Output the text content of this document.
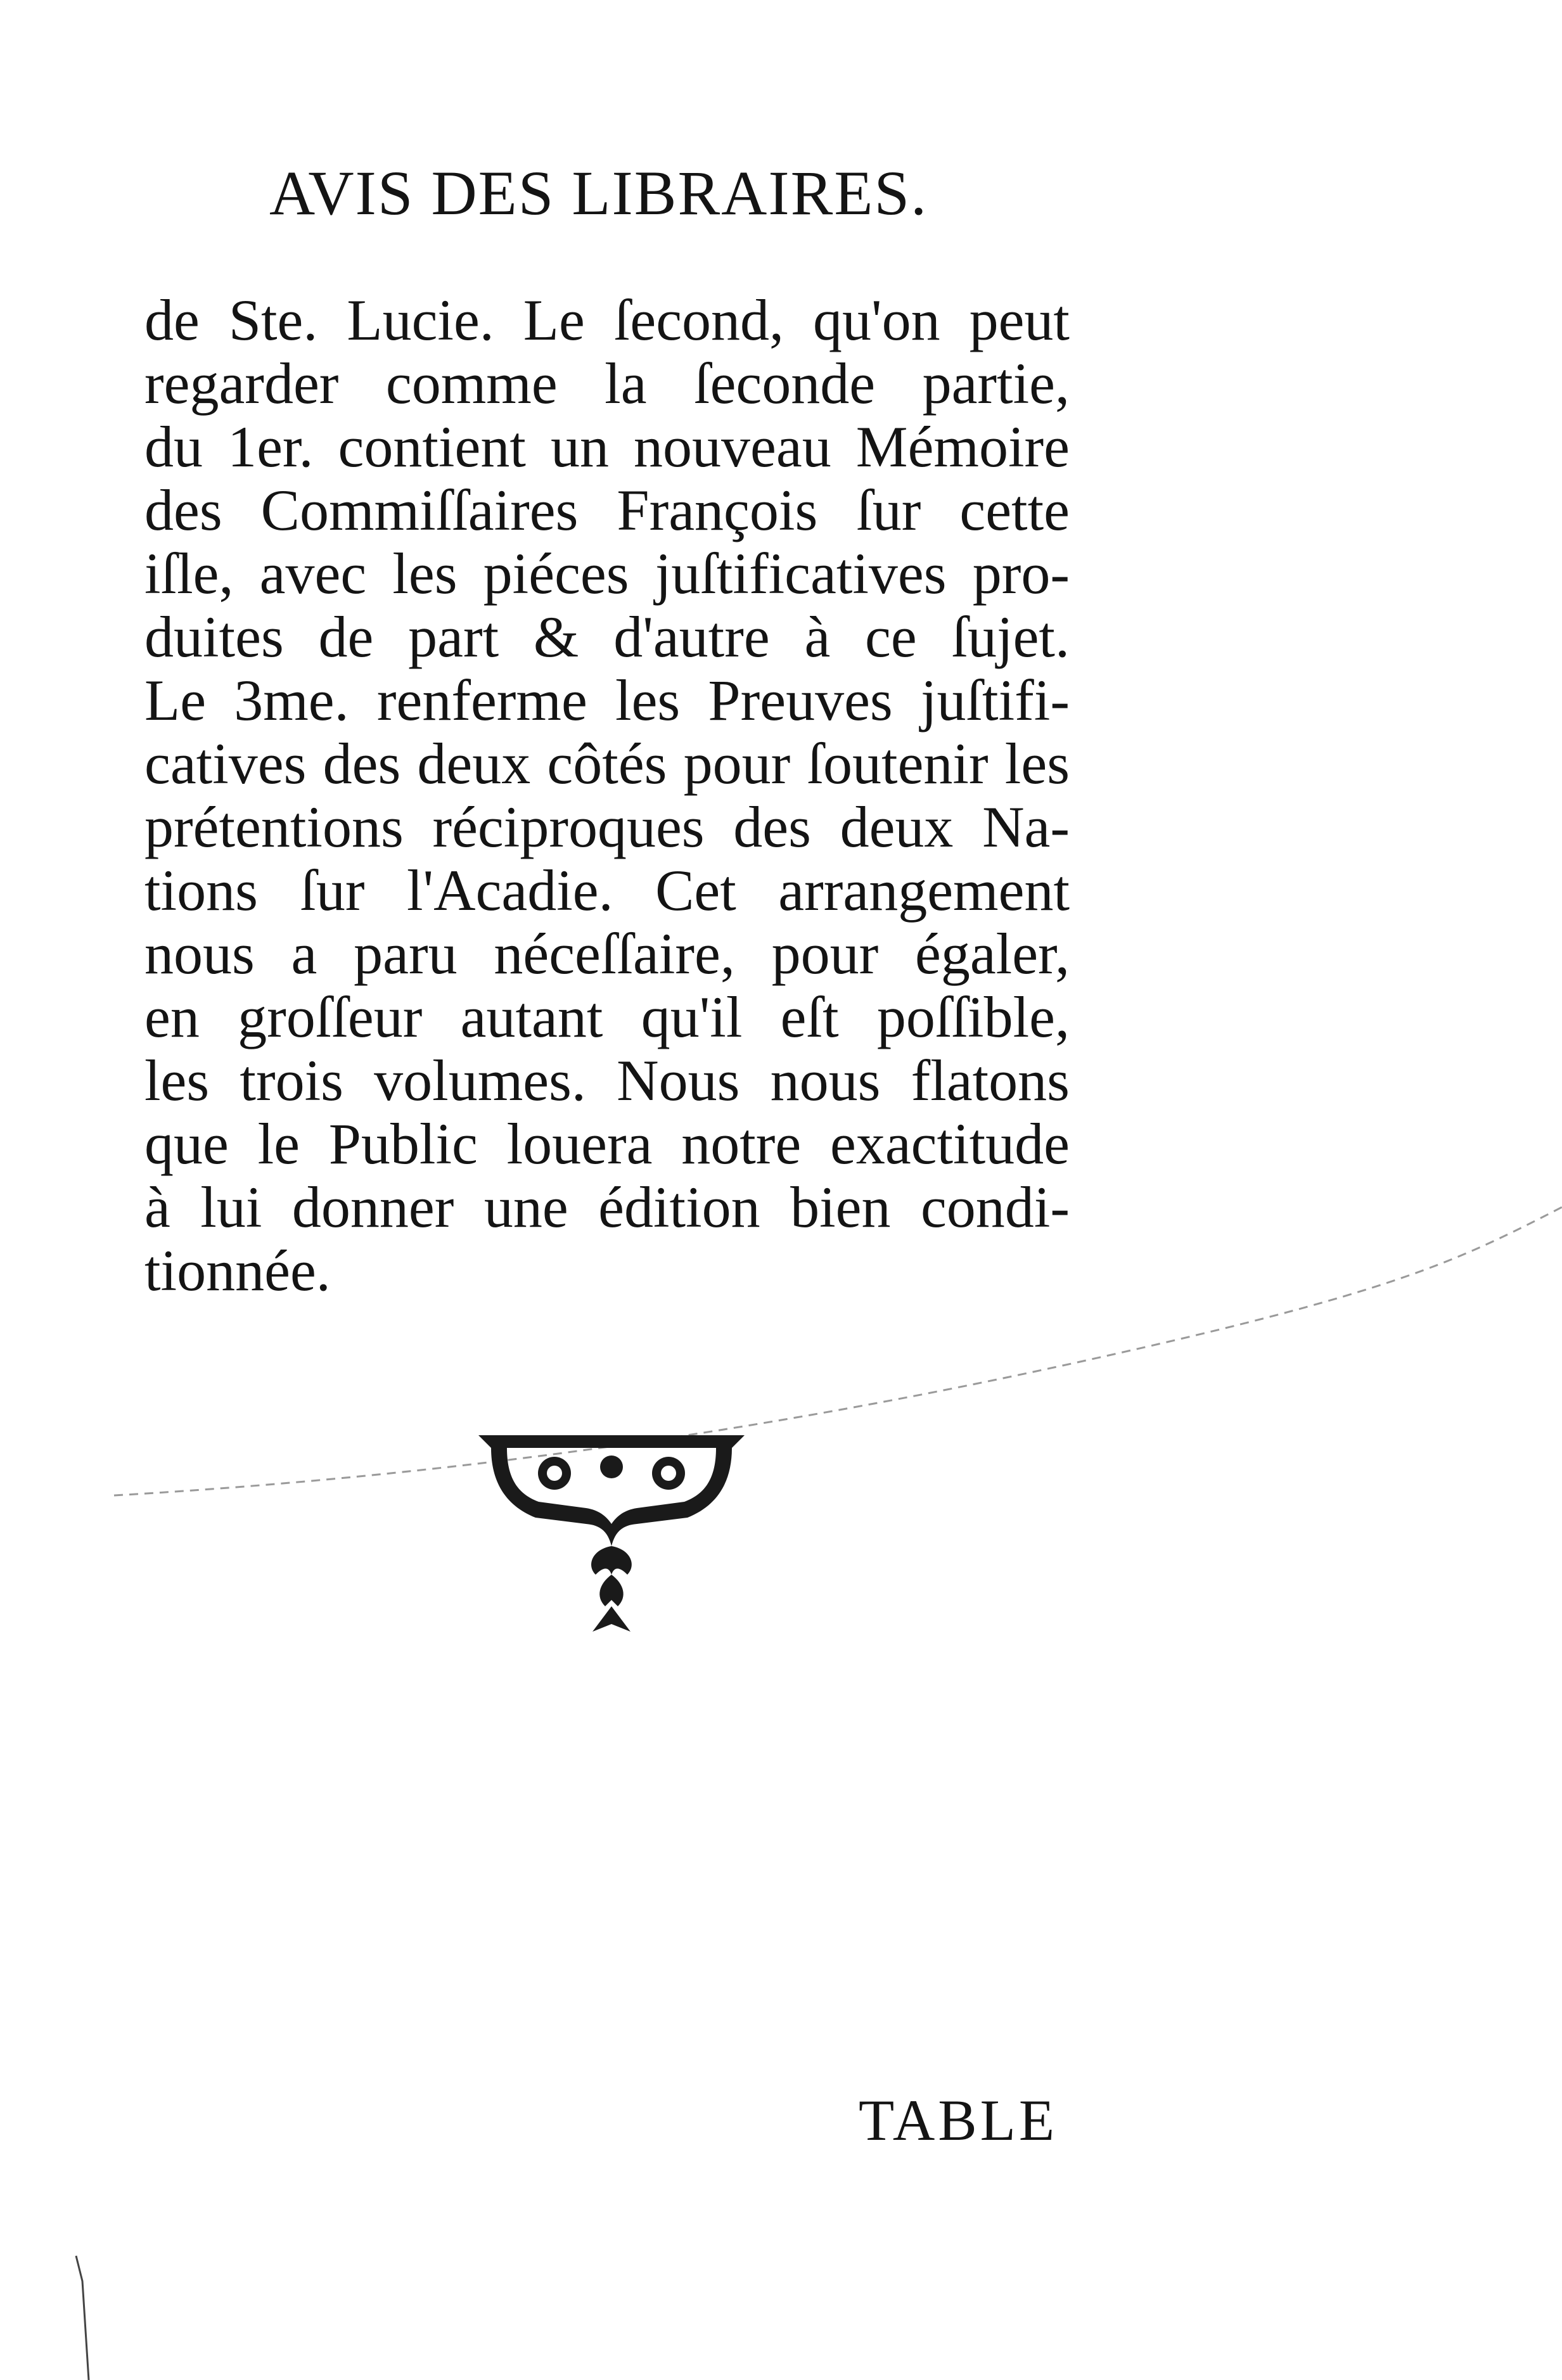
AVIS DES LIBRAIRES.
de Ste. Lucie. Le ſecond, qu'on peut
regarder comme la ſeconde partie,
du 1er. contient un nouveau Mémoire
des Commiſſaires François ſur cette
iſle, avec les piéces juſtificatives pro-
duites de part & d'autre à ce ſujet.
Le 3me. renferme les Preuves juſtifi-
catives des deux côtés pour ſoutenir les
prétentions réciproques des deux Na-
tions ſur l'Acadie. Cet arrangement
nous a paru néceſſaire, pour égaler,
en groſſeur autant qu'il eſt poſſible,
les trois volumes. Nous nous flatons
que le Public louera notre exactitude
à lui donner une édition bien condi-
tionnée.
TABLE
